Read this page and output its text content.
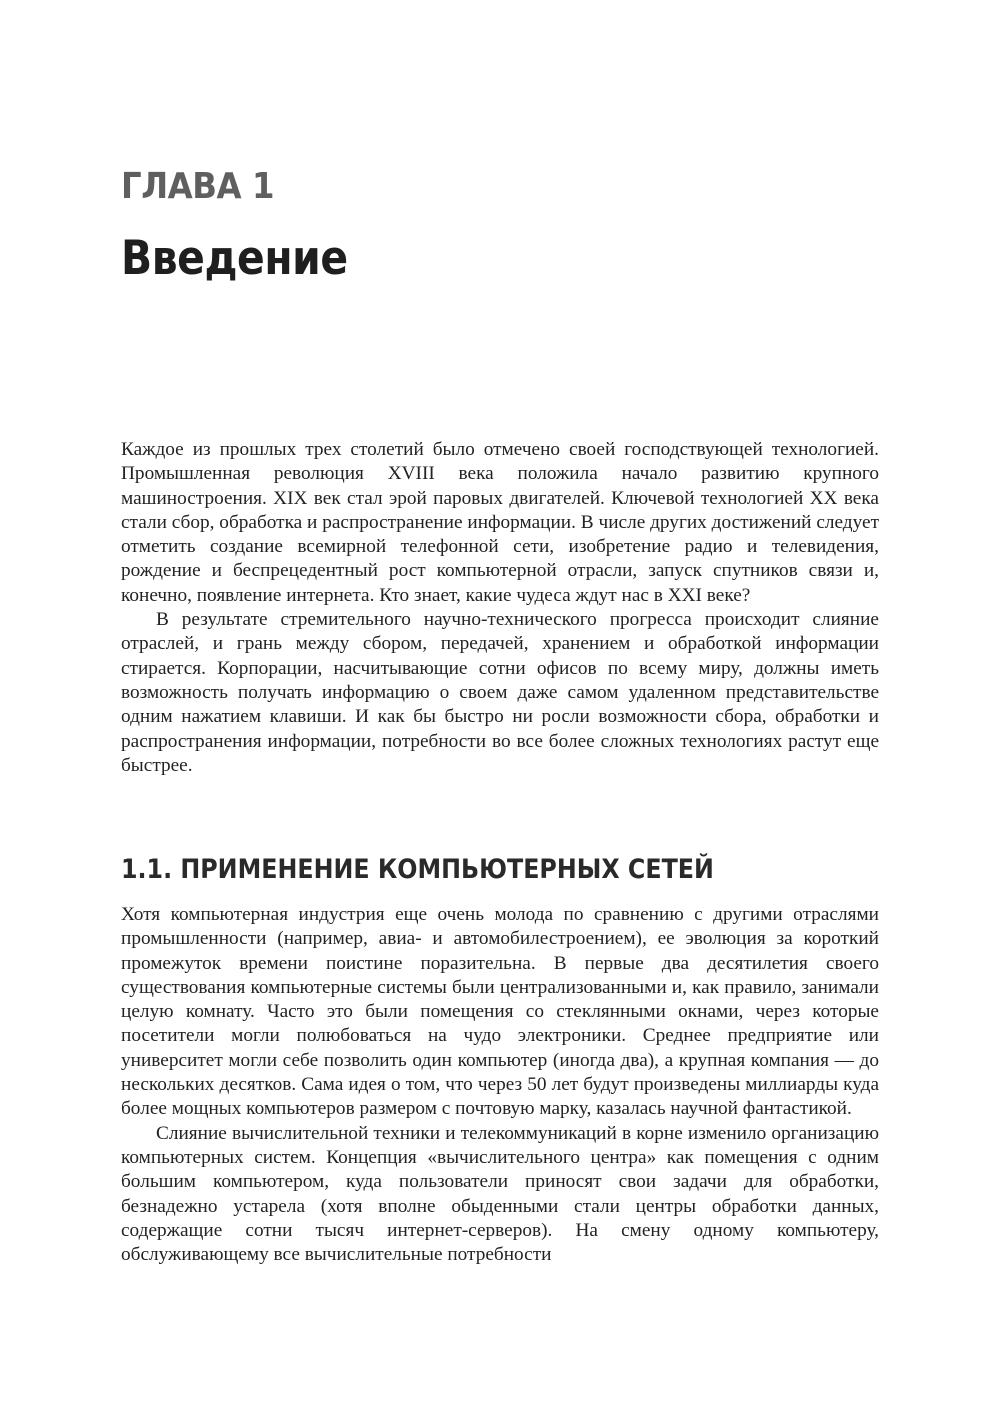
ГЛАВА 1
Введение

Каждое из прошлых трех столетий было отмечено своей господствующей технологией. Промышленная революция XVIII века положила начало развитию крупного машиностроения. XIX век стал эрой паровых двигателей. Ключевой технологией XX века стали сбор, обработка и распространение информации. В числе других достижений следует отметить создание всемирной телефонной сети, изобретение радио и телевидения, рождение и беспрецедентный рост компьютерной отрасли, запуск спутников связи и, конечно, появление интернета. Кто знает, какие чудеса ждут нас в XXI веке?

В результате стремительного научно-технического прогресса происходит слияние отраслей, и грань между сбором, передачей, хранением и обработкой информации стирается. Корпорации, насчитывающие сотни офисов по всему миру, должны иметь возможность получать информацию о своем даже самом удаленном представительстве одним нажатием клавиши. И как бы быстро ни росли возможности сбора, обработки и распространения информации, потребности во все более сложных технологиях растут еще быстрее.

1.1. ПРИМЕНЕНИЕ КОМПЬЮТЕРНЫХ СЕТЕЙ

Хотя компьютерная индустрия еще очень молода по сравнению с другими отраслями промышленности (например, авиа- и автомобилестроением), ее эволюция за короткий промежуток времени поистине поразительна. В первые два десятилетия своего существования компьютерные системы были централизованными и, как правило, занимали целую комнату. Часто это были помещения со стеклянными окнами, через которые посетители могли полюбоваться на чудо электроники. Среднее предприятие или университет могли себе позволить один компьютер (иногда два), а крупная компания — до нескольких десятков. Сама идея о том, что через 50 лет будут произведены миллиарды куда более мощных компьютеров размером с почтовую марку, казалась научной фантастикой.

Слияние вычислительной техники и телекоммуникаций в корне изменило организацию компьютерных систем. Концепция «вычислительного центра» как помещения с одним большим компьютером, куда пользователи приносят свои задачи для обработки, безнадежно устарела (хотя вполне обыденными стали центры обработки данных, содержащие сотни тысяч интернет-серверов). На смену одному компьютеру, обслуживающему все вычислительные потребности
